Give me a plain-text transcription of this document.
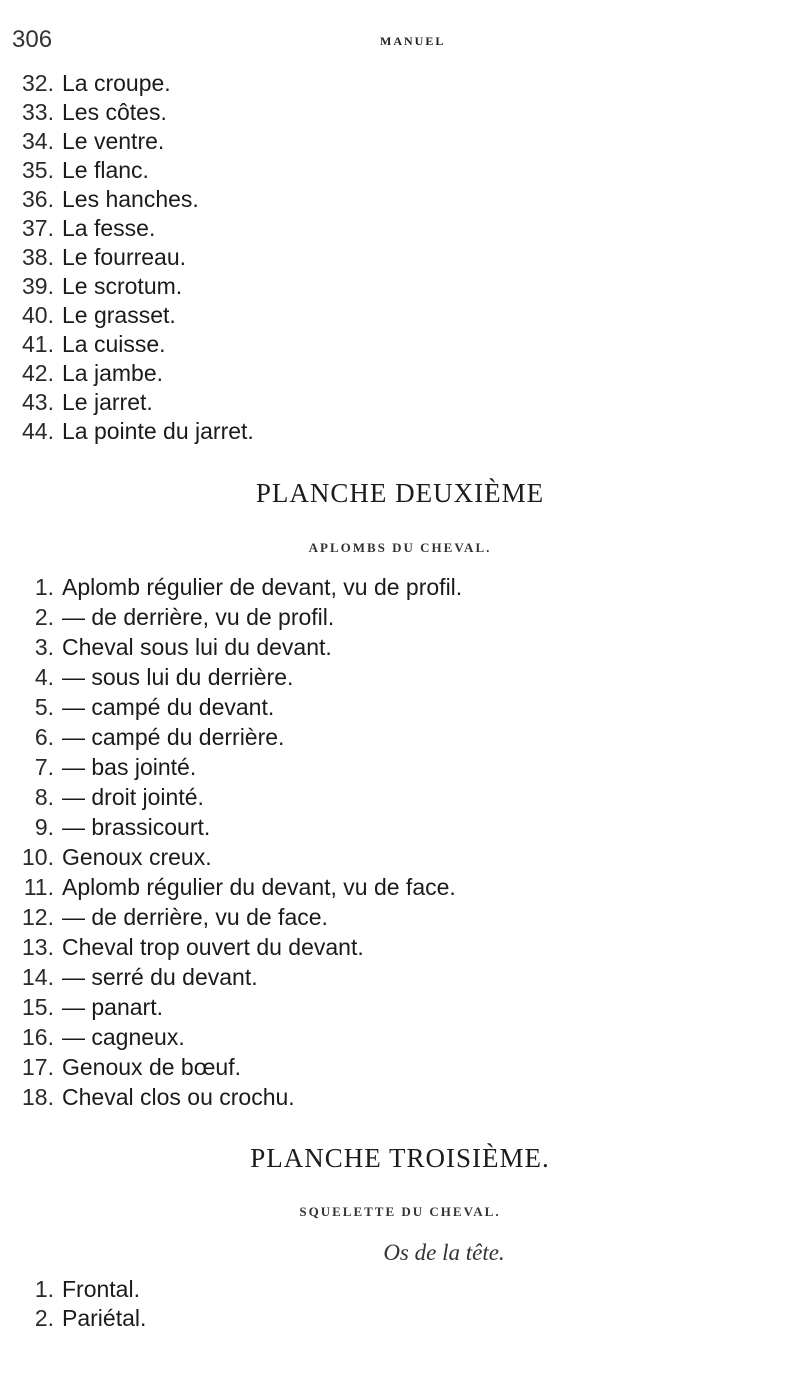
306	MANUEL
32. La croupe.
33. Les côtes.
34. Le ventre.
35. Le flanc.
36. Les hanches.
37. La fesse.
38. Le fourreau.
39. Le scrotum.
40. Le grasset.
41. La cuisse.
42. La jambe.
43. Le jarret.
44. La pointe du jarret.
PLANCHE DEUXIÈME
APLOMBS DU CHEVAL.
1. Aplomb régulier de devant, vu de profil.
2. — de derrière, vu de profil.
3. Cheval sous lui du devant.
4. — sous lui du derrière.
5. — campé du devant.
6. — campé du derrière.
7. — bas jointé.
8. — droit jointé.
9. — brassicourt.
10. Genoux creux.
11. Aplomb régulier du devant, vu de face.
12. — de derrière, vu de face.
13. Cheval trop ouvert du devant.
14. — serré du devant.
15. — panart.
16. — cagneux.
17. Genoux de bœuf.
18. Cheval clos ou crochu.
PLANCHE TROISIÈME.
SQUELETTE DU CHEVAL.
Os de la tête.
1. Frontal.
2. Pariétal.
